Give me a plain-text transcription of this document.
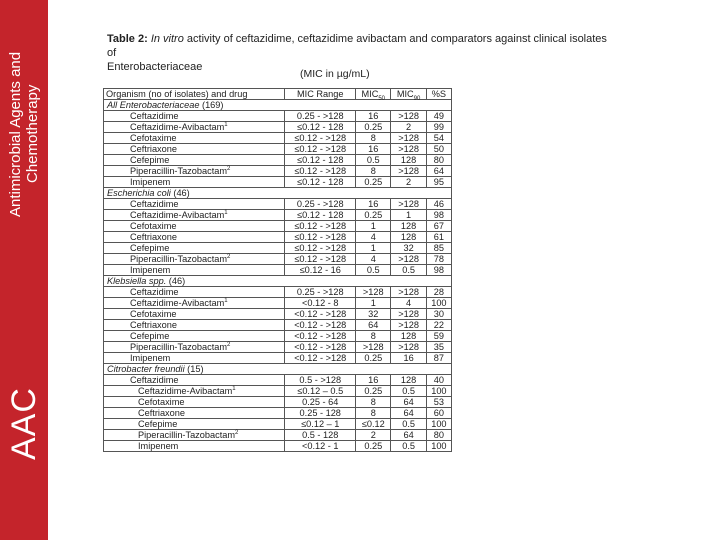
Antimicrobial Agents and Chemotherapy
AAC
Table 2: In vitro activity of ceftazidime, ceftazidime avibactam and comparators against clinical isolates of
Enterobacteriaceae
(MIC in µg/mL)
Organism (no of isolates) and drug	MIC Range	$MIC_{50}$	$MIC_{90}$	%S
All Enterobacteriaceae (169)				
Ceftazidime	0.25 - >128	16	>128	49
Ceftazidime-Avibactam$^1$	≤0.12 - 128	0.25	2	99
Cefotaxime	≤0.12 - >128	8	>128	54
Ceftriaxone	≤0.12 - >128	16	>128	50
Cefepime	≤0.12 - 128	0.5	128	80
Piperacillin-Tazobactam$^2$	≤0.12 - >128	8	>128	64
Imipenem	≤0.12 - 128	0.25	2	95
Escherichia coli (46)				
Ceftazidime	0.25 - >128	16	>128	46
Ceftazidime-Avibactam$^1$	≤0.12 - 128	0.25	1	98
Cefotaxime	≤0.12 - >128	1	128	67
Ceftriaxone	≤0.12 - >128	4	128	61
Cefepime	≤0.12 - >128	1	32	85
Piperacillin-Tazobactam$^2$	≤0.12 - >128	4	>128	78
Imipenem	≤0.12 - 16	0.5	0.5	98
Klebsiella spp. (46)				
Ceftazidime	0.25 - >128	>128	>128	28
Ceftazidime-Avibactam$^1$	<0.12 - 8	1	4	100
Cefotaxime	<0.12 - >128	32	>128	30
Ceftriaxone	<0.12 - >128	64	>128	22
Cefepime	<0.12 - >128	8	128	59
Piperacillin-Tazobactam$^2$	<0.12 - >128	>128	>128	35
Imipenem	<0.12 - >128	0.25	16	87
Citrobacter freundii (15)				
Ceftazidime	0.5 - >128	16	128	40
Ceftazidime-Avibactam$^1$	≤0.12 – 0.5	0.25	0.5	100
Cefotaxime	0.25 - 64	8	64	53
Ceftriaxone	0.25 - 128	8	64	60
Cefepime	≤0.12 – 1	≤0.12	0.5	100
Piperacillin-Tazobactam$^2$	0.5 - 128	2	64	80
Imipenem	<0.12 - 1	0.25	0.5	100
